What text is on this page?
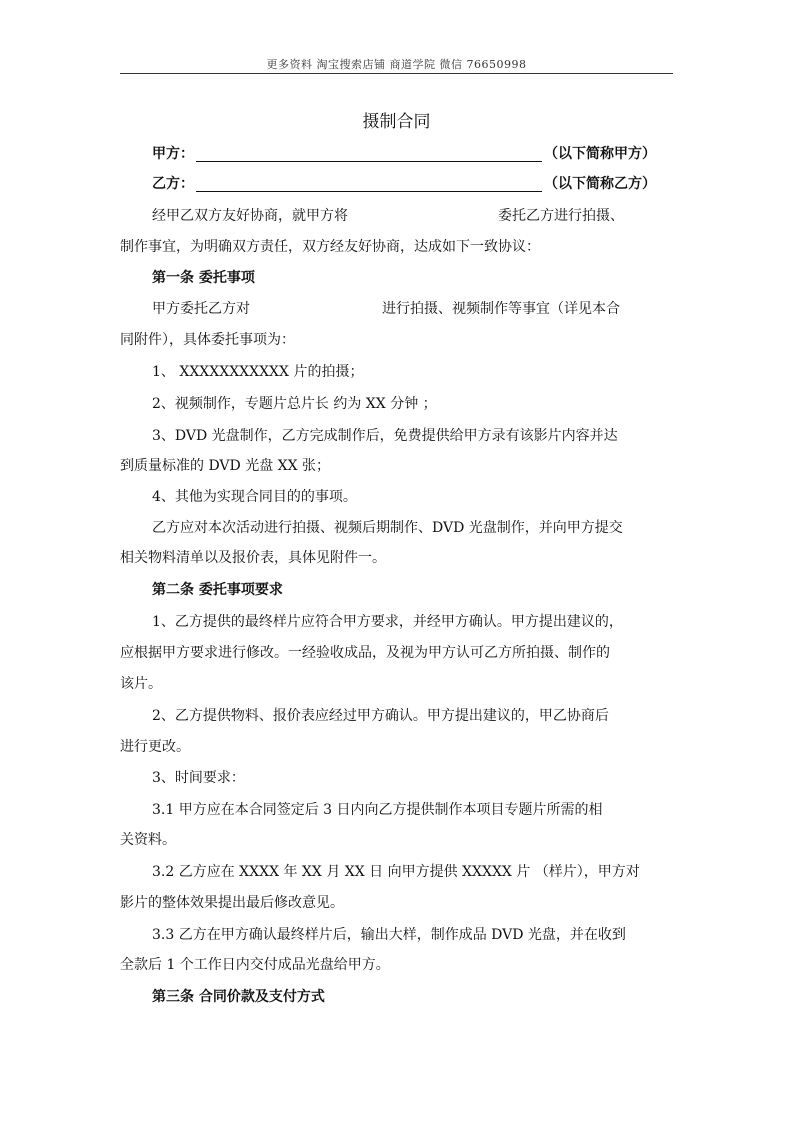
更多资料 淘宝搜索店铺 商道学院 微信 76650998
摄制合同
甲方：	（以下简称甲方）
乙方：	（以下简称乙方）
经甲乙双方友好协商，就甲方将	委托乙方进行拍摄、
制作事宜，为明确双方责任，双方经友好协商，达成如下一致协议：
第一条 委托事项
甲方委托乙方对	进行拍摄、视频制作等事宜（详见本合
同附件），具体委托事项为：
1、 XXXXXXXXXXX 片的拍摄；
2、视频制作，专题片总片长 约为 XX 分钟 ；
3、DVD 光盘制作，乙方完成制作后，免费提供给甲方录有该影片内容并达
到质量标准的 DVD 光盘 XX 张；
4、其他为实现合同目的的事项。
乙方应对本次活动进行拍摄、视频后期制作、DVD 光盘制作，并向甲方提交
相关物料清单以及报价表，具体见附件一。
第二条 委托事项要求
1、乙方提供的最终样片应符合甲方要求，并经甲方确认。甲方提出建议的，
应根据甲方要求进行修改。一经验收成品，及视为甲方认可乙方所拍摄、制作的
该片。
2、乙方提供物料、报价表应经过甲方确认。甲方提出建议的，甲乙协商后
进行更改。
3、时间要求：
3.1 甲方应在本合同签定后 3 日内向乙方提供制作本项目专题片所需的相
关资料。
3.2 乙方应在 XXXX 年 XX 月 XX 日 向甲方提供 XXXXX 片 （样片），甲方对
影片的整体效果提出最后修改意见。
3.3 乙方在甲方确认最终样片后，输出大样，制作成品 DVD 光盘，并在收到
全款后 1 个工作日内交付成品光盘给甲方。
第三条 合同价款及支付方式
